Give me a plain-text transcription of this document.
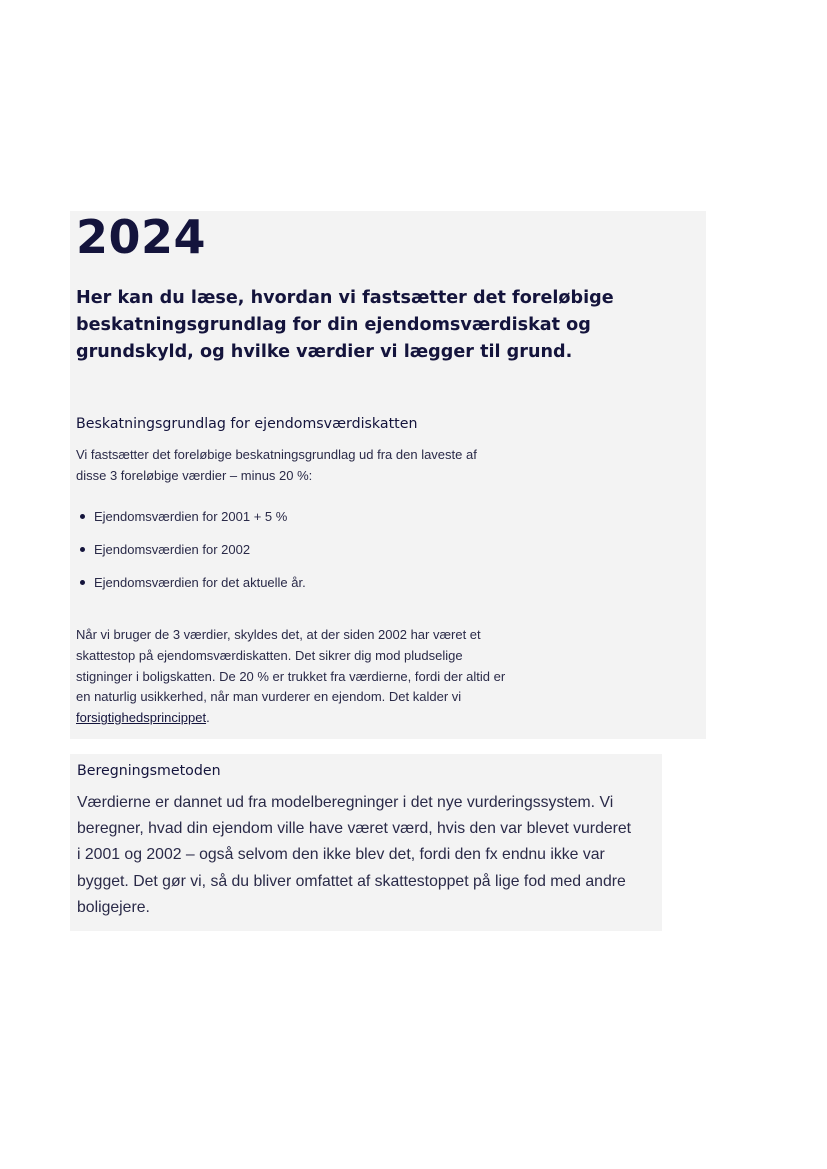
2024

Her kan du læse, hvordan vi fastsætter det foreløbige beskatningsgrundlag for din ejendomsværdiskat og grundskyld, og hvilke værdier vi lægger til grund.

Beskatningsgrundlag for ejendomsværdiskatten

Vi fastsætter det foreløbige beskatningsgrundlag ud fra den laveste af disse 3 foreløbige værdier – minus 20 %:

Ejendomsværdien for 2001 + 5 %
Ejendomsværdien for 2002
Ejendomsværdien for det aktuelle år.

Når vi bruger de 3 værdier, skyldes det, at der siden 2002 har været et skattestop på ejendomsværdiskatten. Det sikrer dig mod pludselige stigninger i boligskatten. De 20 % er trukket fra værdierne, fordi der altid er en naturlig usikkerhed, når man vurderer en ejendom. Det kalder vi forsigtighedsprincippet.

Beregningsmetoden

Værdierne er dannet ud fra modelberegninger i det nye vurderingssystem. Vi beregner, hvad din ejendom ville have været værd, hvis den var blevet vurderet i 2001 og 2002 – også selvom den ikke blev det, fordi den fx endnu ikke var bygget. Det gør vi, så du bliver omfattet af skattestoppet på lige fod med andre boligejere.
